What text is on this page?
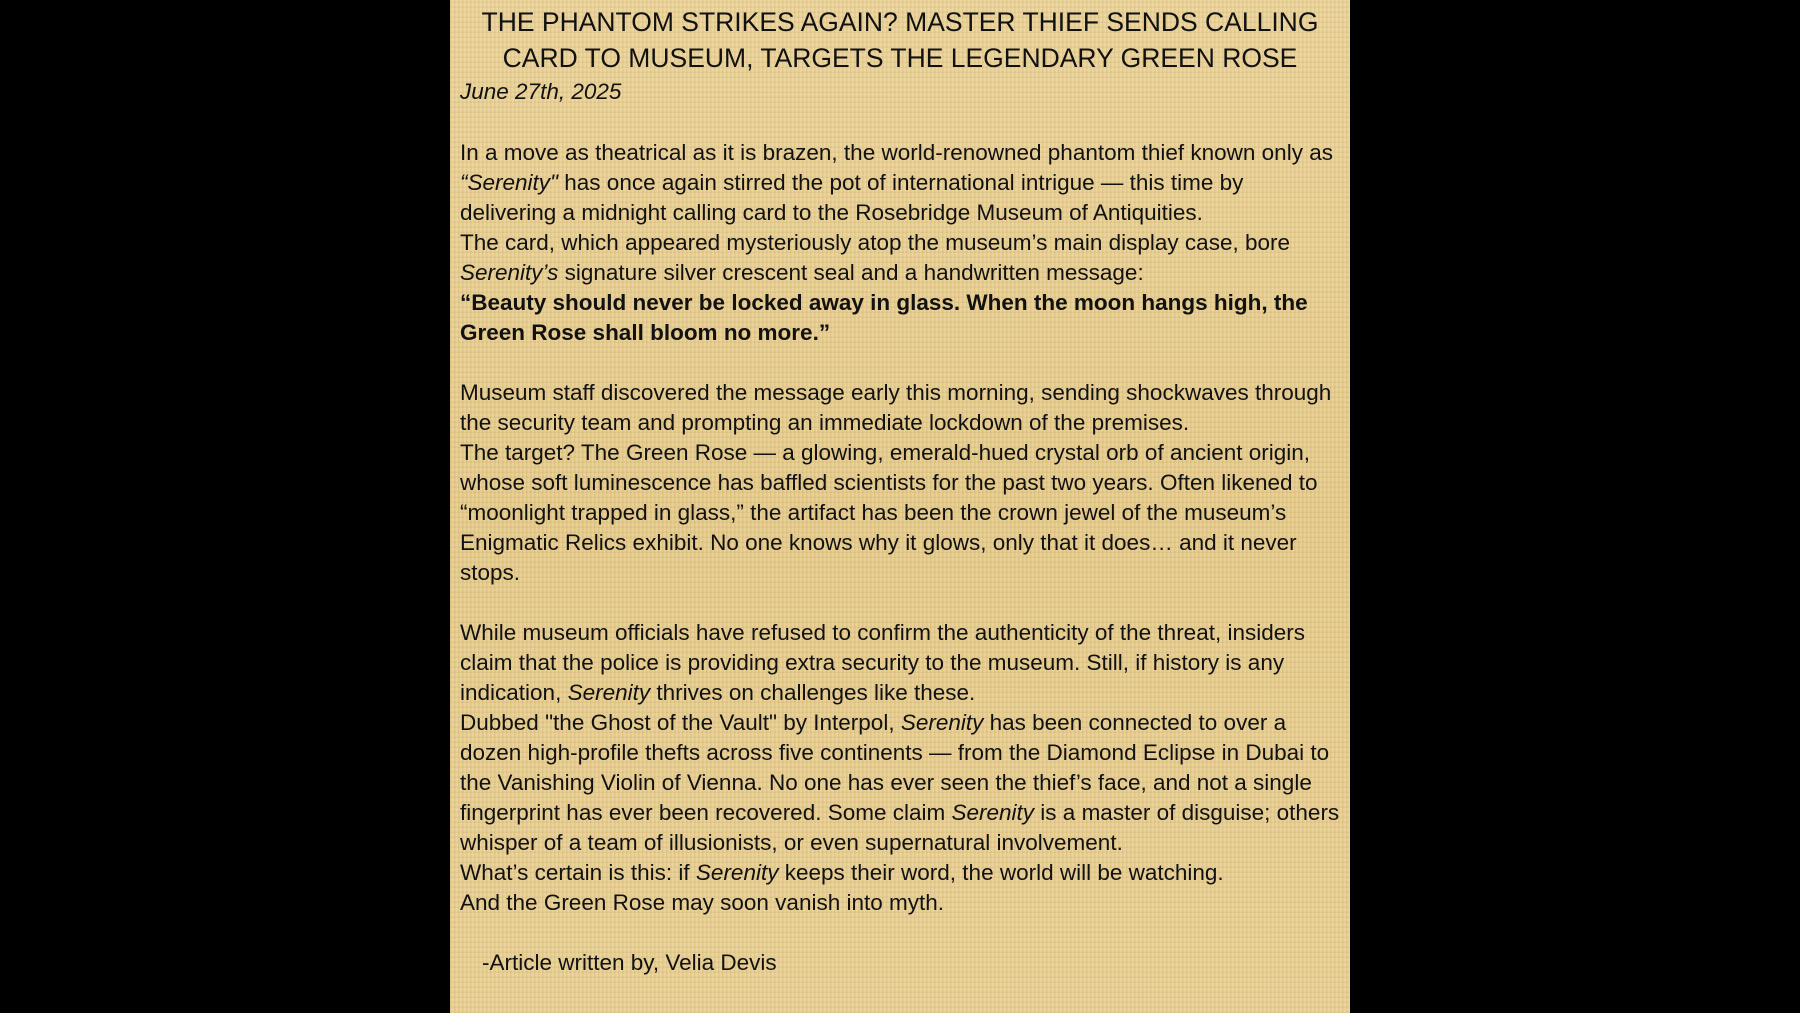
THE PHANTOM STRIKES AGAIN? MASTER THIEF SENDS CALLING CARD TO MUSEUM, TARGETS THE LEGENDARY GREEN ROSE

June 27th, 2025

In a move as theatrical as it is brazen, the world-renowned phantom thief known only as “Serenity" has once again stirred the pot of international intrigue — this time by delivering a midnight calling card to the Rosebridge Museum of Antiquities.

The card, which appeared mysteriously atop the museum’s main display case, bore Serenity’s signature silver crescent seal and a handwritten message:

“Beauty should never be locked away in glass. When the moon hangs high, the Green Rose shall bloom no more.”

Museum staff discovered the message early this morning, sending shockwaves through the security team and prompting an immediate lockdown of the premises.

The target? The Green Rose — a glowing, emerald-hued crystal orb of ancient origin, whose soft luminescence has baffled scientists for the past two years. Often likened to “moonlight trapped in glass,” the artifact has been the crown jewel of the museum’s Enigmatic Relics exhibit. No one knows why it glows, only that it does… and it never stops.

While museum officials have refused to confirm the authenticity of the threat, insiders claim that the police is providing extra security to the museum. Still, if history is any indication, Serenity thrives on challenges like these.

Dubbed "the Ghost of the Vault" by Interpol, Serenity has been connected to over a dozen high-profile thefts across five continents — from the Diamond Eclipse in Dubai to the Vanishing Violin of Vienna. No one has ever seen the thief’s face, and not a single fingerprint has ever been recovered. Some claim Serenity is a master of disguise; others whisper of a team of illusionists, or even supernatural involvement.

What’s certain is this: if Serenity keeps their word, the world will be watching.

And the Green Rose may soon vanish into myth.

-Article written by, Velia Devis
